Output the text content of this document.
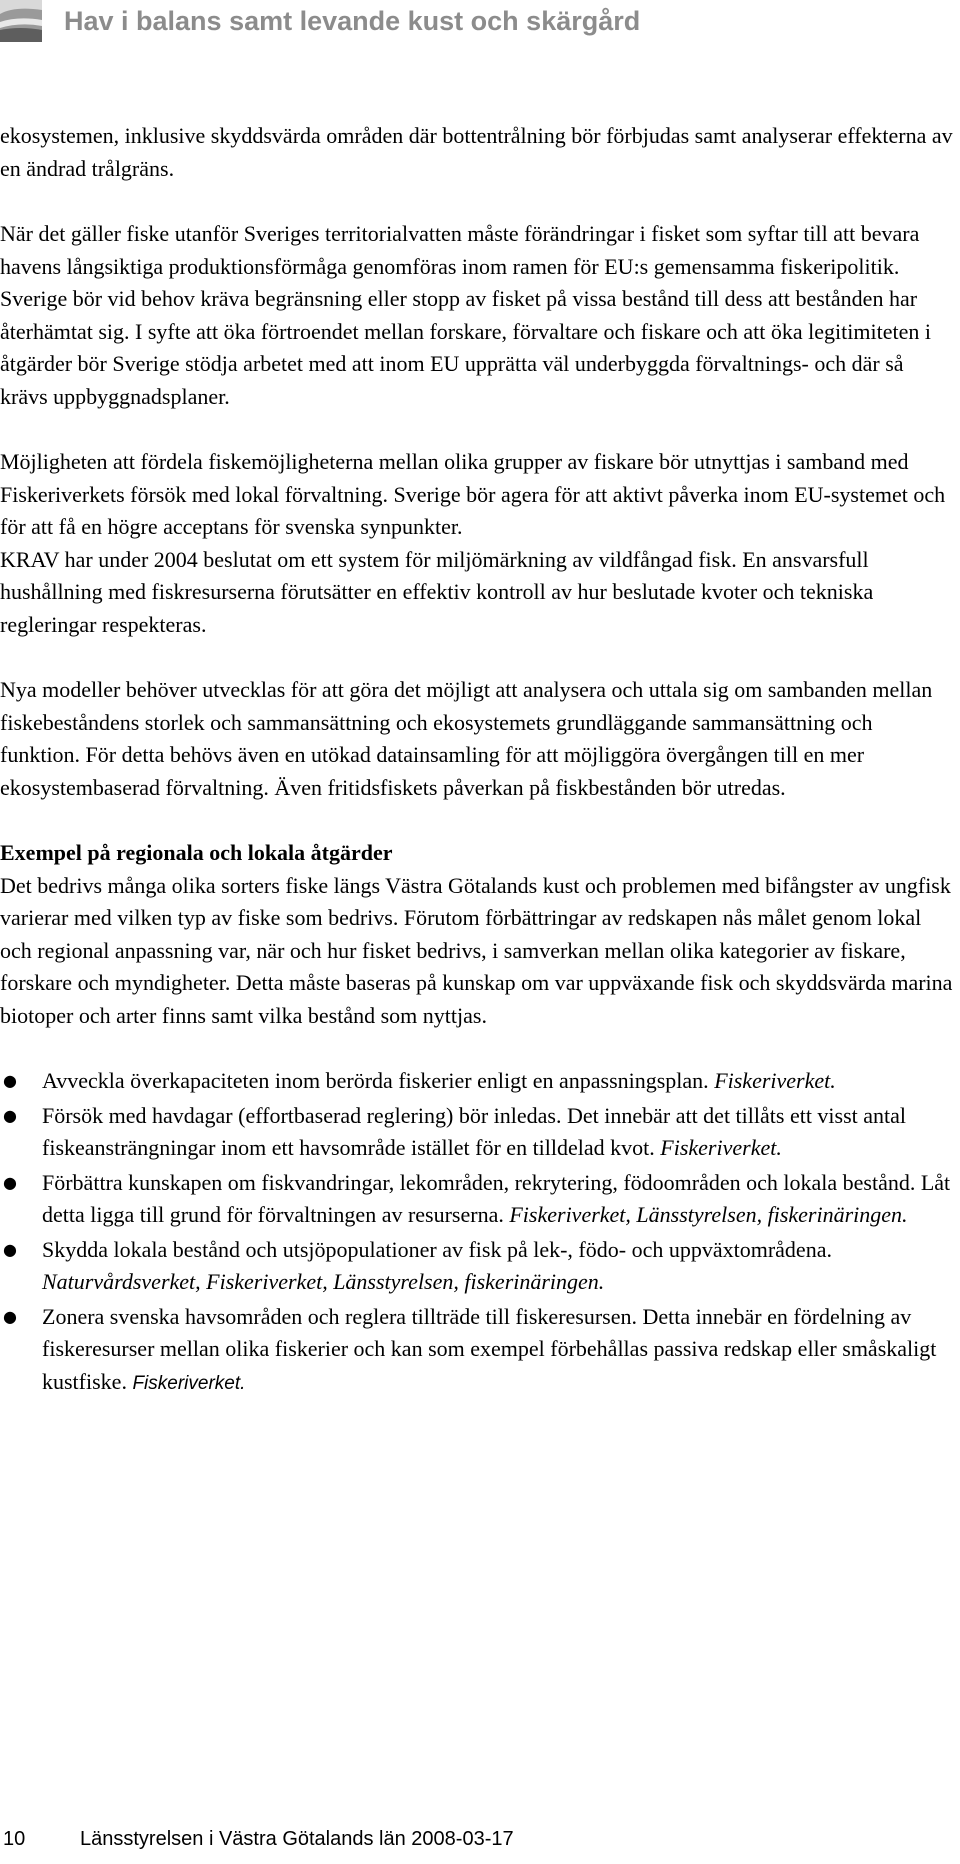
Hav i balans samt levande kust och skärgård

ekosystemen, inklusive skyddsvärda områden där bottentrålning bör förbjudas samt analyserar effekterna av en ändrad trålgräns.

När det gäller fiske utanför Sveriges territorialvatten måste förändringar i fisket som syftar till att bevara havens långsiktiga produktionsförmåga genomföras inom ramen för EU:s gemensamma fiskeripolitik. Sverige bör vid behov kräva begränsning eller stopp av fisket på vissa bestånd till dess att bestånden har återhämtat sig. I syfte att öka förtroendet mellan forskare, förvaltare och fiskare och att öka legitimiteten i åtgärder bör Sverige stödja arbetet med att inom EU upprätta väl underbyggda förvaltnings- och där så krävs uppbyggnadsplaner.

Möjligheten att fördela fiskemöjligheterna mellan olika grupper av fiskare bör utnyttjas i samband med Fiskeriverkets försök med lokal förvaltning. Sverige bör agera för att aktivt påverka inom EU-systemet och för att få en högre acceptans för svenska synpunkter.

KRAV har under 2004 beslutat om ett system för miljömärkning av vildfångad fisk. En ansvarsfull hushållning med fiskresurserna förutsätter en effektiv kontroll av hur beslutade kvoter och tekniska regleringar respekteras.

Nya modeller behöver utvecklas för att göra det möjligt att analysera och uttala sig om sambanden mellan fiskebeståndens storlek och sammansättning och ekosystemets grundläggande sammansättning och funktion. För detta behövs även en utökad datainsamling för att möjliggöra övergången till en mer ekosystembaserad förvaltning. Även fritidsfiskets påverkan på fiskbestånden bör utredas.

Exempel på regionala och lokala åtgärder

Det bedrivs många olika sorters fiske längs Västra Götalands kust och problemen med bifångster av ungfisk varierar med vilken typ av fiske som bedrivs. Förutom förbättringar av redskapen nås målet genom lokal och regional anpassning var, när och hur fisket bedrivs, i samverkan mellan olika kategorier av fiskare, forskare och myndigheter. Detta måste baseras på kunskap om var uppväxande fisk och skyddsvärda marina biotoper och arter finns samt vilka bestånd som nyttjas.

● Avveckla överkapaciteten inom berörda fiskerier enligt en anpassningsplan. Fiskeriverket.
● Försök med havdagar (effortbaserad reglering) bör inledas. Det innebär att det tillåts ett visst antal fiskeansträngningar inom ett havsområde istället för en tilldelad kvot. Fiskeriverket.
● Förbättra kunskapen om fiskvandringar, lekområden, rekrytering, födoområden och lokala bestånd. Låt detta ligga till grund för förvaltningen av resurserna. Fiskeriverket, Länsstyrelsen, fiskerinäringen.
● Skydda lokala bestånd och utsjöpopulationer av fisk på lek-, födo- och uppväxtområdena. Naturvårdsverket, Fiskeriverket, Länsstyrelsen, fiskerinäringen.
● Zonera svenska havsområden och reglera tillträde till fiskeresursen. Detta innebär en fördelning av fiskeresurser mellan olika fiskerier och kan som exempel förbehållas passiva redskap eller småskaligt kustfiske. Fiskeriverket.
10	Länsstyrelsen i Västra Götalands län 2008-03-17
